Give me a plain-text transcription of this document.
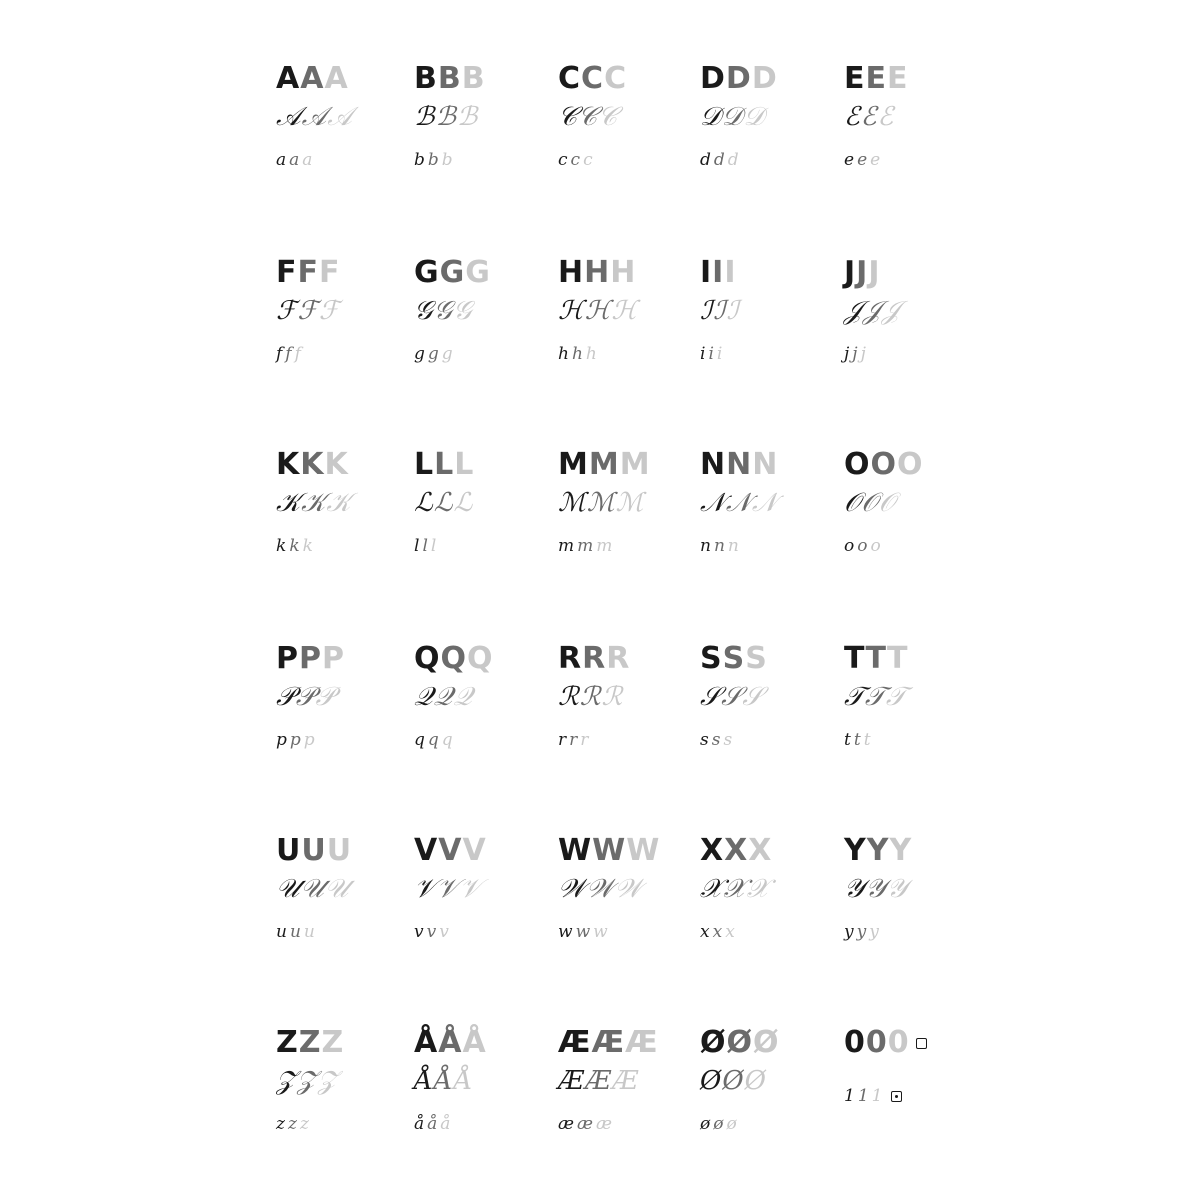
AAA
𝒜𝒜𝒜
a a a
BBB
ℬℬℬ
b b b
CCC
𝒞𝒞𝒞
c c c
DDD
𝒟𝒟𝒟
d d d
EEE
ℰℰℰ
e e e
FFF
ℱℱℱ
f f f
GGG
𝒢𝒢𝒢
g g g
HHH
ℋℋℋ
h h h
III
ℐℐℐ
i i i
JJJ
𝒥𝒥𝒥
j j j
KKK
𝒦𝒦𝒦
k k k
LLL
ℒℒℒ
l l l
MMM
ℳℳℳ
m m m
NNN
𝒩𝒩𝒩
n n n
OOO
𝒪𝒪𝒪
o o o
PPP
𝒫𝒫𝒫
p p p
QQQ
𝒬𝒬𝒬
q q q
RRR
ℛℛℛ
r r r
SSS
𝒮𝒮𝒮
s s s
TTT
𝒯𝒯𝒯
t t t
UUU
𝒰𝒰𝒰
u u u
VVV
𝒱𝒱𝒱
v v v
WWW
𝒲𝒲𝒲
w w w
XXX
𝒳𝒳𝒳
x x x
YYY
𝒴𝒴𝒴
y y y
ZZZ
𝒵𝒵𝒵
z z z
ÅÅÅ
ÅÅÅ
å å å
ÆÆÆ
ÆÆÆ
æ æ æ
ØØØ
ØØØ
ø ø ø
000
1 1 1
